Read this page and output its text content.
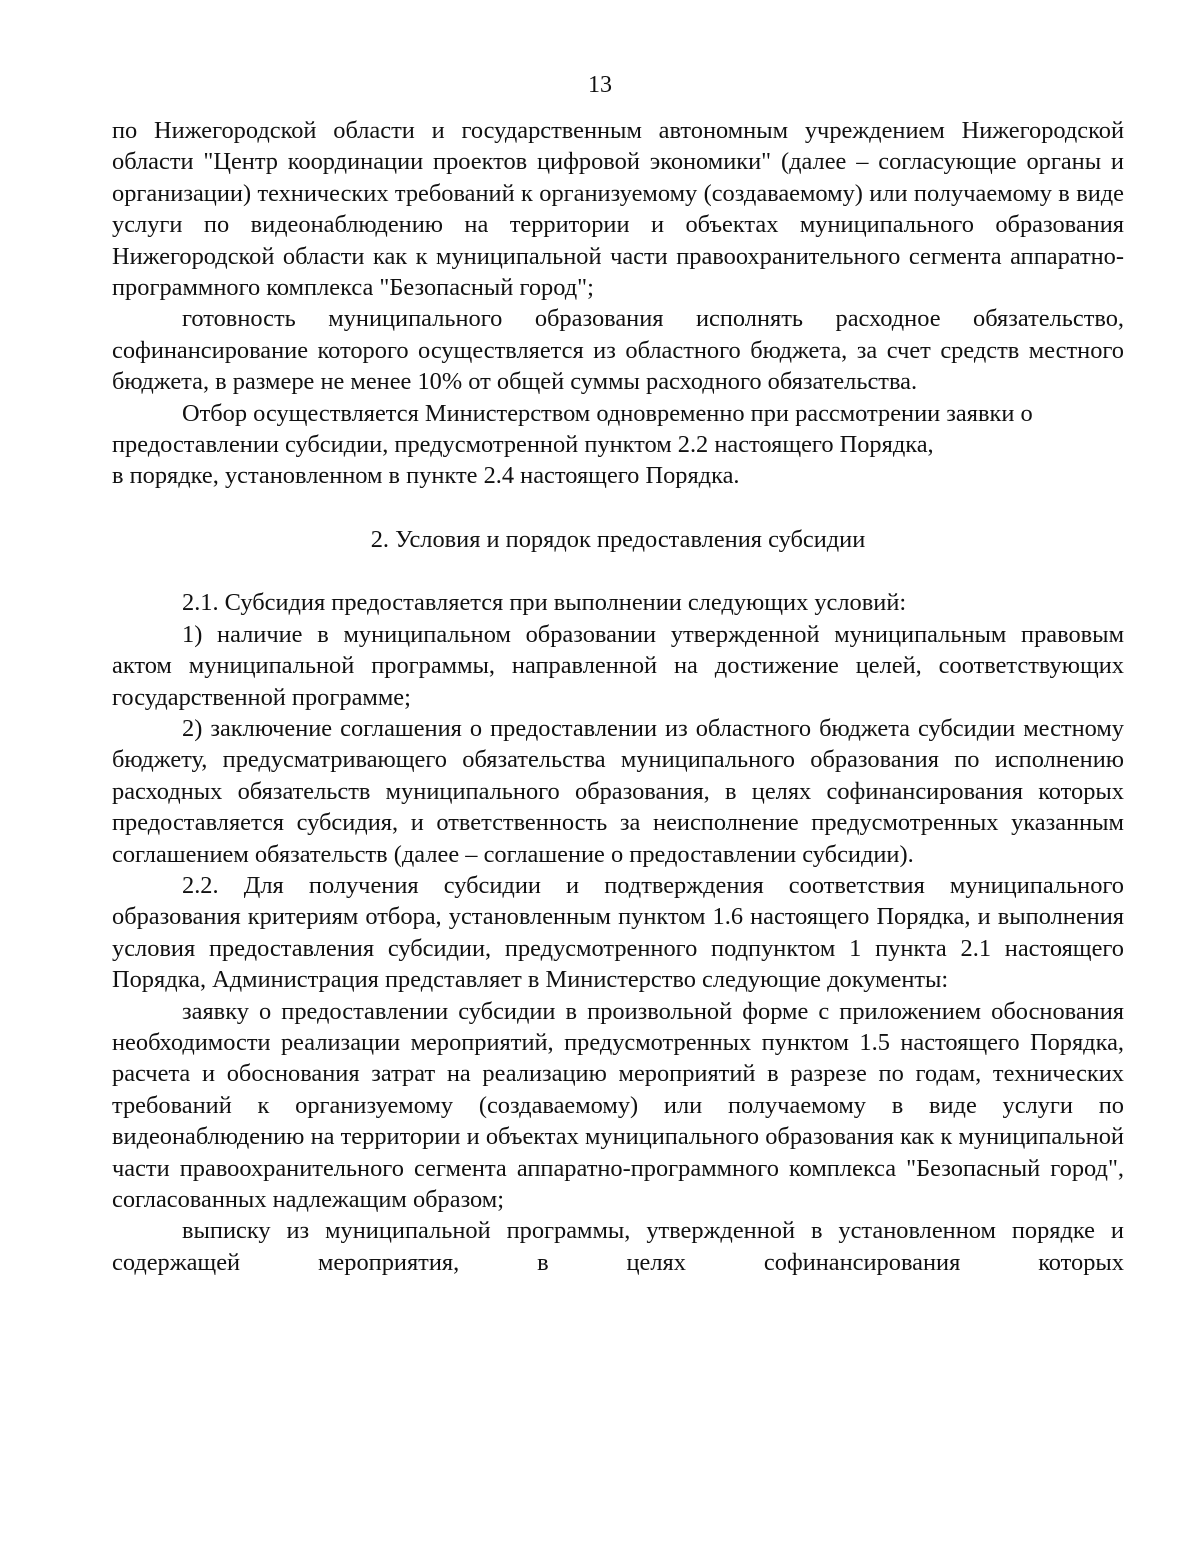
13

по Нижегородской области и государственным автономным учреждением Нижегородской области "Центр координации проектов цифровой экономики" (далее – согласующие органы и организации) технических требований к организуемому (создаваемому) или получаемому в виде услуги по видеонаблюдению на территории и объектах муниципального образования Нижегородской области как к муниципальной части правоохранительного сегмента аппаратно-программного комплекса "Безопасный город";

готовность муниципального образования исполнять расходное обязательство, софинансирование которого осуществляется из областного бюджета, за счет средств местного бюджета, в размере не менее 10% от общей суммы расходного обязательства.

Отбор осуществляется Министерством одновременно при рассмотрении заявки о предоставлении субсидии, предусмотренной пунктом 2.2 настоящего Порядка,

в порядке, установленном в пункте 2.4 настоящего Порядка.

2. Условия и порядок предоставления субсидии

2.1. Субсидия предоставляется при выполнении следующих условий:

1) наличие в муниципальном образовании утвержденной муниципальным правовым актом муниципальной программы, направленной на достижение целей, соответствующих государственной программе;

2) заключение соглашения о предоставлении из областного бюджета субсидии местному бюджету, предусматривающего обязательства муниципального образования по исполнению расходных обязательств муниципального образования, в целях софинансирования которых предоставляется субсидия, и ответственность за неисполнение предусмотренных указанным соглашением обязательств (далее – соглашение о предоставлении субсидии).

2.2. Для получения субсидии и подтверждения соответствия муниципального образования критериям отбора, установленным пунктом 1.6 настоящего Порядка, и выполнения условия предоставления субсидии, предусмотренного подпунктом 1 пункта 2.1 настоящего Порядка, Администрация представляет в Министерство следующие документы:

заявку о предоставлении субсидии в произвольной форме с приложением обоснования необходимости реализации мероприятий, предусмотренных пунктом 1.5 настоящего Порядка, расчета и обоснования затрат на реализацию мероприятий в разрезе по годам, технических требований к организуемому (создаваемому) или получаемому в виде услуги по видеонаблюдению на территории и объектах муниципального образования как к муниципальной части правоохранительного сегмента аппаратно-программного комплекса "Безопасный город", согласованных надлежащим образом;

выписку из муниципальной программы, утвержденной в установленном порядке и содержащей мероприятия, в целях софинансирования которых
